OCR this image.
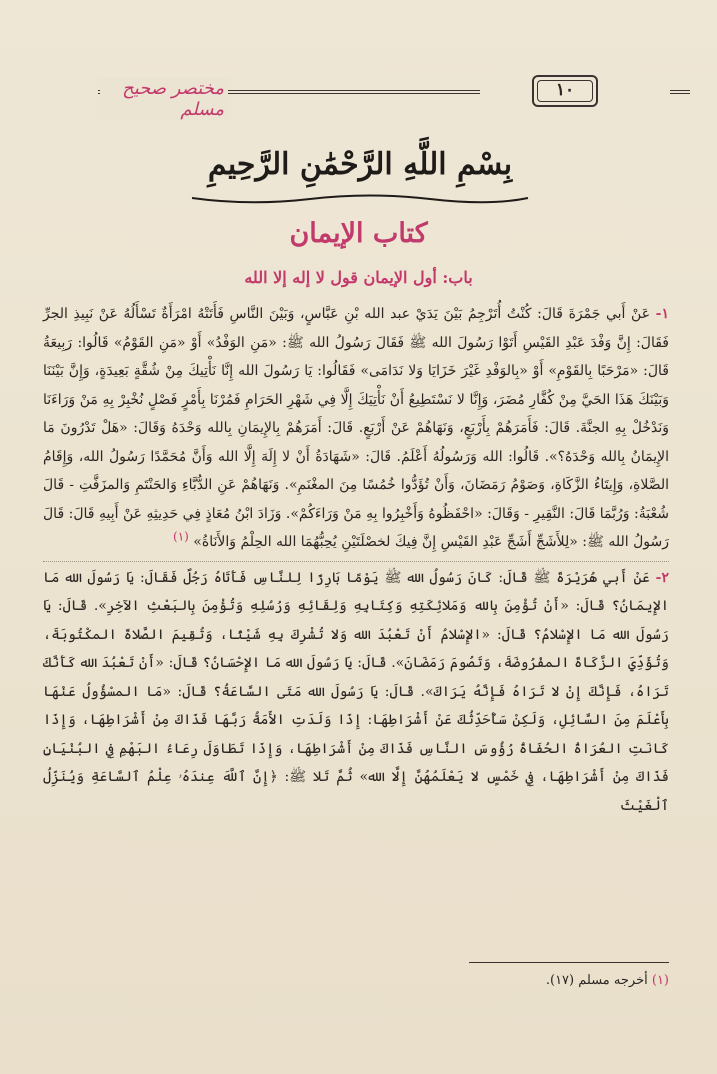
مختصر صحيح مسلم
١٠
بِسْمِ اللَّهِ الرَّحْمَٰنِ الرَّحِيمِ
كتاب الإيمان
باب: أول الإيمان قول لا إله إلا الله

١- عَنْ أَبي جَمْرَةَ قَالَ: كُنْتُ أُتَرْجِمُ بَيْنَ يَدَيْ عبد الله بْنِ عَبَّاسٍ، وَبَيْنَ النَّاسِ فَأَتَتْهُ امْرَأَةٌ تَسْأَلُهُ عَنْ نَبِيذِ الجرِّ فَقَالَ: إِنَّ وَفْدَ عَبْدِ القَيْسِ أَتَوْا رَسُولَ الله ﷺ فَقَالَ رَسُولُ الله ﷺ: «مَنِ الوَفْدُ» أَوْ «مَنِ القَوْمُ» قَالُوا: رَبِيعَةُ قَالَ: «مَرْحَبًا بِالقَوْمِ» أَوْ «بِالوَفْدِ غَيْرَ خَزَايَا وَلا نَدَامَى» فَقَالُوا: يَا رَسُولَ الله إِنَّا نَأْتِيكَ مِنْ شُقَّةٍ بَعِيدَةٍ، وَإِنَّ بَيْنَنَا وَبَيْنَكَ هَذَا الحَيَّ مِنْ كُفَّارِ مُضَرَ، وَإِنَّا لا نَسْتَطِيعُ أَنْ نَأْتِيَكَ إِلَّا فِي شَهْرِ الحَرَامِ فَمُرْنَا بِأَمْرٍ فَصْلٍ نُخْبِرْ بِهِ مَنْ وَرَاءَنَا وَنَدْخُلْ بِهِ الجنَّةَ. قَالَ: فَأَمَرَهُمْ بِأَرْبَعٍ، وَنَهَاهُمْ عَنْ أَرْبَعٍ. قَالَ: أَمَرَهُمْ بِالإِيمَانِ بِالله وَحْدَهُ وَقَالَ: «هَلْ تَدْرُونَ مَا الإِيمَانُ بِالله وَحْدَهُ؟». قَالُوا: الله وَرَسُولُهُ أَعْلَمُ. قَالَ: «شَهَادَةُ أَنْ لا إِلَهَ إِلَّا الله وَأَنَّ مُحَمَّدًا رَسُولُ الله، وَإِقَامُ الصَّلاةِ، وَإِيتَاءُ الزَّكَاةِ، وَصَوْمُ رَمَضَانَ، وَأَنْ تُؤَدُّوا خُمُسًا مِنَ المغْنَمِ». وَنَهَاهُمْ عَنِ الدُّبَّاءِ وَالحَنْتَمِ وَالمزَفَّتِ - قَالَ شُعْبَةُ: وَرُبَّمَا قَالَ: النَّقِيرِ - وَقَالَ: «احْفَظُوهُ وَأَخْبِرُوا بِهِ مَنْ وَرَاءَكُمْ». وَزَادَ ابْنُ مُعَاذٍ فِي حَدِيثِهِ عَنْ أَبِيهِ قَالَ: قَالَ رَسُولُ الله ﷺ: «لِلأَشَجِّ أَشَجِّ عَبْدِ القَيْسِ إِنَّ فِيكَ لخصْلَتَيْنِ يُحِبُّهُمَا الله الحِلْمُ وَالأَنَاةُ» (١)

٢- عَنْ أَبي هُرَيْرَةَ ﷺ قَالَ: كَانَ رَسُولُ الله ﷺ يَوْمًا بَارِزًا لِلنَّاسِ فَأَتَاهُ رَجُلٌ فَقَالَ: يَا رَسُولَ الله مَا الإِيمَانُ؟ قَالَ: «أَنْ تُؤْمِنَ بِالله وَمَلائِكَتِهِ وَكِتَابِهِ وَلِقَائِهِ وَرُسُلِهِ وَتُؤْمِنَ بِالبَعْثِ الآخِرِ». قَالَ: يَا رَسُولَ الله مَا الإِسْلامُ؟ قَالَ: «الإِسْلامُ أَنْ تَعْبُدَ الله وَلا تُشْرِكَ بِهِ شَيْئًا، وَتُقِيمَ الصَّلاةَ المكْتُوبَةَ، وَتُؤَدِّيَ الزَّكَاةَ المفْرُوضَةَ، وَتَصُومَ رَمَضَانَ». قَالَ: يَا رَسُولَ الله مَا الإِحْسَانُ؟ قَالَ: «أَنْ تَعْبُدَ الله كَأَنَّكَ تَرَاهُ، فَإِنَّكَ إِنْ لا تَرَاهُ فَإِنَّهُ يَرَاكَ». قَالَ: يَا رَسُولَ الله مَتَى السَّاعَةُ؟ قَالَ: «مَا المسْؤُولُ عَنْهَا بِأَعْلَمَ مِنَ السَّائِلِ، وَلَكِنْ سَأُحَدِّثُكَ عَنْ أَشْرَاطِهَا: إِذَا وَلَدَتِ الأَمَةُ رَبَّهَا فَذَاكَ مِنْ أَشْرَاطِهَا، وَإِذَا كَانَتِ العُرَاةُ الحُفَاةُ رُؤُوسَ النَّاسِ فَذَاكَ مِنْ أَشْرَاطِهَا، وَإِذَا تَطَاوَلَ رِعَاءُ البَهْمِ فِي البُنْيَانِ فَذَاكَ مِنْ أَشْرَاطِهَا، فِي خَمْسٍ لا يَعْلَمُهُنَّ إِلَّا الله» ثُمَّ تَلا ﷺ: ﴿إِنَّ ٱللَّهَ عِندَهُۥ عِلْمُ ٱلسَّاعَةِ وَيُنَزِّلُ ٱلْغَيْثَ

(١) أخرجه مسلم (١٧).
